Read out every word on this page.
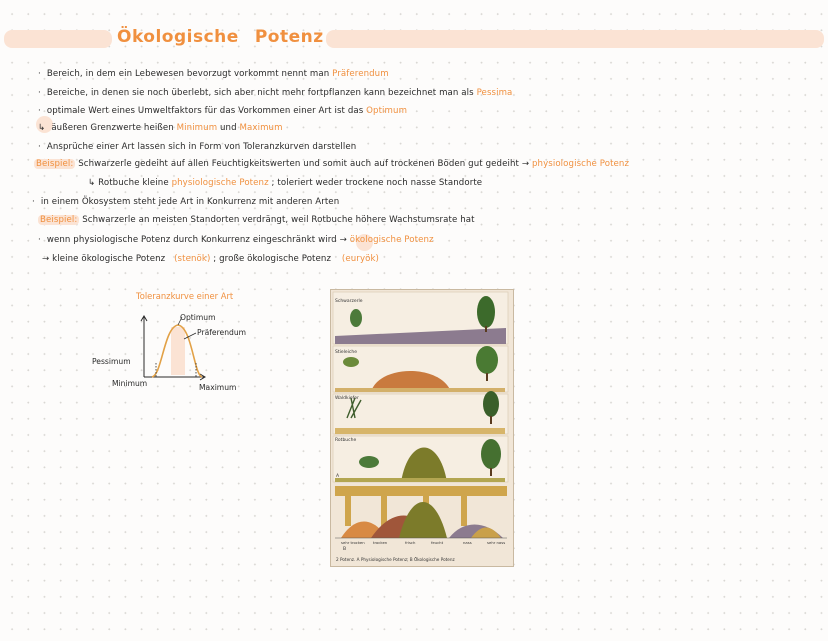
Ökologische Potenz
· Bereich, in dem ein Lebewesen bevorzugt vorkommt nennt man Präferendum
· Bereiche, in denen sie noch überlebt, sich aber nicht mehr fortpflanzen kann bezeichnet man als Pessima
· optimale Wert eines Umweltfaktors für das Vorkommen einer Art ist das Optimum
↳ äußeren Grenzwerte heißen Minimum und Maximum
· Ansprüche einer Art lassen sich in Form von Toleranzkurven darstellen
Beispiel: Schwarzerle gedeiht auf allen Feuchtigkeitswerten und somit auch auf trockenen Böden gut gedeiht → physiologische Potenz
↳ Rotbuche kleine physiologische Potenz ; toleriert weder trockene noch nasse Standorte
· in einem Ökosystem steht jede Art in Konkurrenz mit anderen Arten
Beispiel: Schwarzerle an meisten Standorten verdrängt, weil Rotbuche höhere Wachstumsrate hat
· wenn physiologische Potenz durch Konkurrenz eingeschränkt wird → ökologische Potenz
→ kleine ökologische Potenz (stenök) ; große ökologische Potenz (euryök)
Toleranzkurve einer Art
Optimum
Präferendum
Pessimum
Minimum	Maximum
Schwarzerle
Stieleiche
Waldkiefer
Rotbuche
A
B
sehr trocken trocken	frisch	feucht	nass	sehr nass
2 Potenz. A Physiologische Potenz; B Ökologische Potenz
